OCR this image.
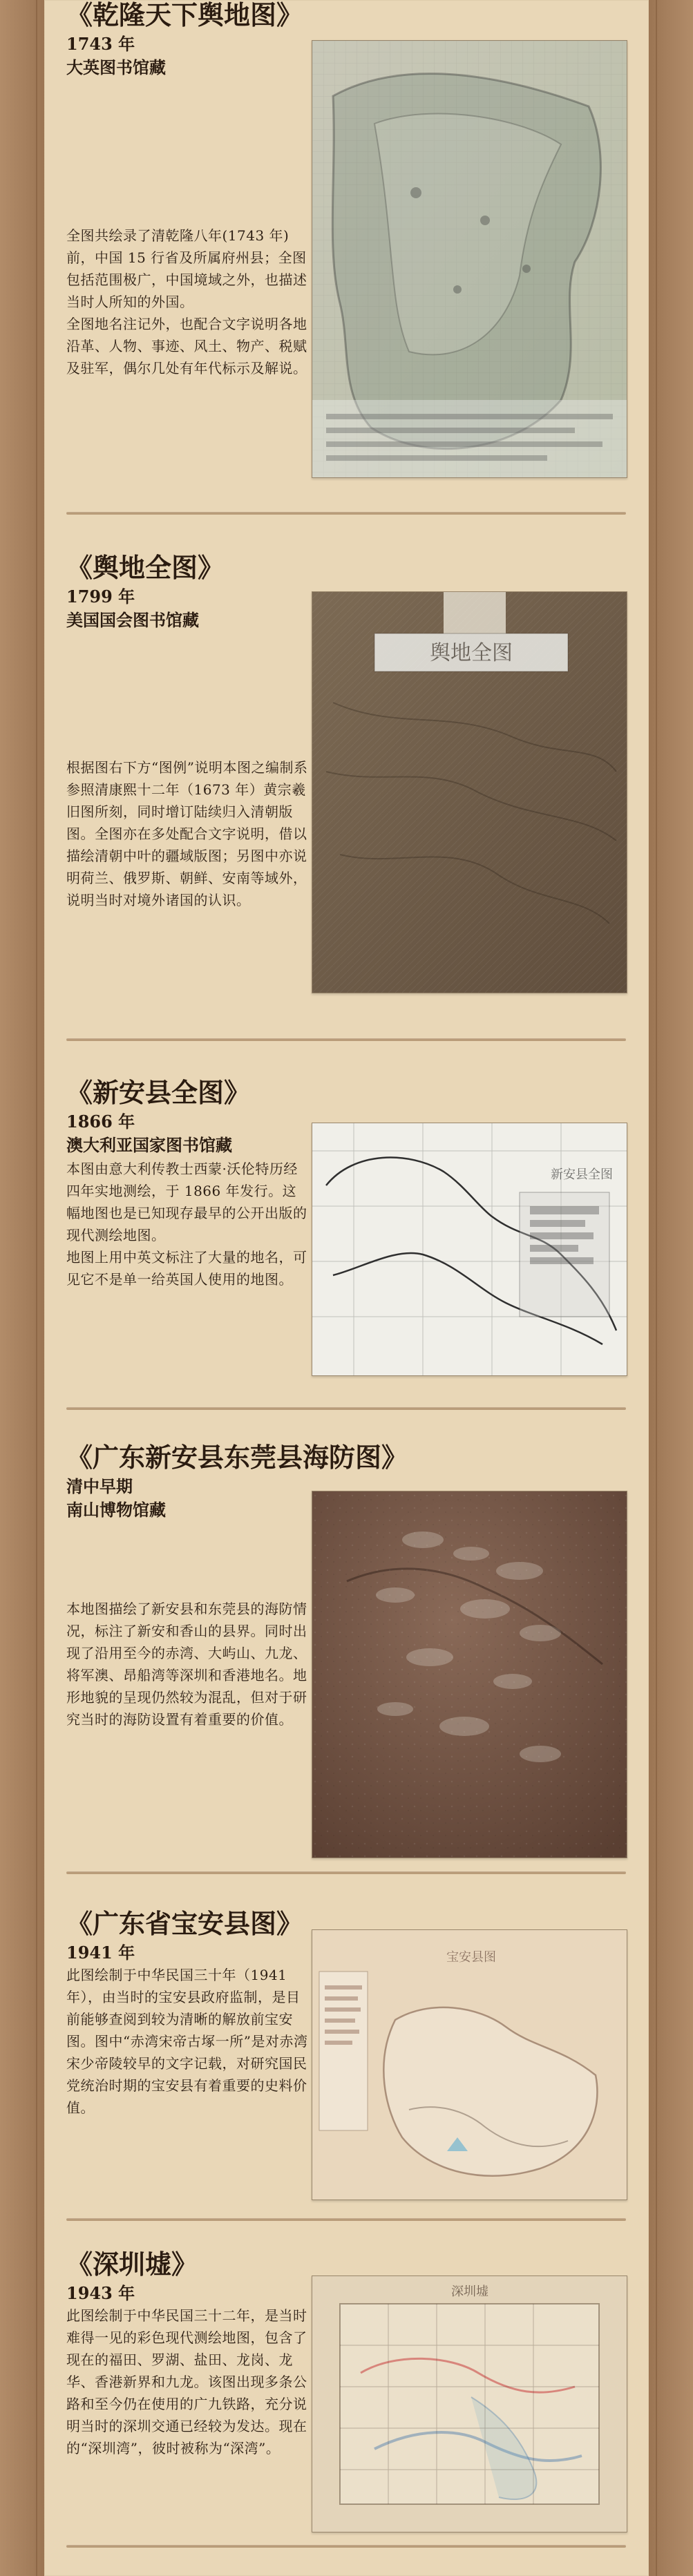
《乾隆天下舆地图》
1743 年
大英图书馆藏
全图共绘录了清乾隆八年(1743 年)前，中国 15 行省及所属府州县；全图包括范围极广，中国境域之外，也描述当时人所知的外国。
全图地名注记外，也配合文字说明各地沿革、人物、事迹、风土、物产、税赋及驻军，偶尔几处有年代标示及解说。
《舆地全图》
1799 年
美国国会图书馆藏
根据图右下方“图例”说明本图之编制系参照清康熙十二年（1673 年）黄宗羲旧图所刻，同时增订陆续归入清朝版图。全图亦在多处配合文字说明，借以描绘清朝中叶的疆域版图；另图中亦说明荷兰、俄罗斯、朝鲜、安南等域外，说明当时对境外诸国的认识。
舆地全图
《新安县全图》
1866 年
澳大利亚国家图书馆藏
本图由意大利传教士西蒙·沃伦特历经四年实地测绘，于 1866 年发行。这幅地图也是已知现存最早的公开出版的现代测绘地图。
地图上用中英文标注了大量的地名，可见它不是单一给英国人使用的地图。
新安县全图
《广东新安县东莞县海防图》
清中早期
南山博物馆藏
本地图描绘了新安县和东莞县的海防情况，标注了新安和香山的县界。同时出现了沿用至今的赤湾、大屿山、九龙、将军澳、昂船湾等深圳和香港地名。地形地貌的呈现仍然较为混乱，但对于研究当时的海防设置有着重要的价值。
《广东省宝安县图》
1941 年
此图绘制于中华民国三十年（1941 年），由当时的宝安县政府监制，是目前能够查阅到较为清晰的解放前宝安图。图中“赤湾宋帝古塚一所”是对赤湾宋少帝陵较早的文字记载，对研究国民党统治时期的宝安县有着重要的史料价值。
宝安县图
《深圳墟》
1943 年
此图绘制于中华民国三十二年，是当时难得一见的彩色现代测绘地图，包含了现在的福田、罗湖、盐田、龙岗、龙华、香港新界和九龙。该图出现多条公路和至今仍在使用的广九铁路，充分说明当时的深圳交通已经较为发达。现在的“深圳湾”，彼时被称为“深湾”。
深圳墟
